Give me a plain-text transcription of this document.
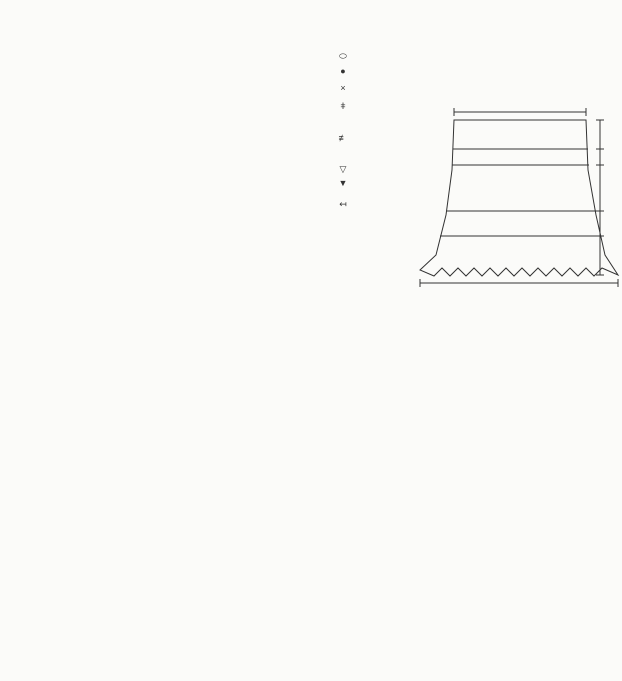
⬭
●
×
ǂ
≢
▽
▼
↤
